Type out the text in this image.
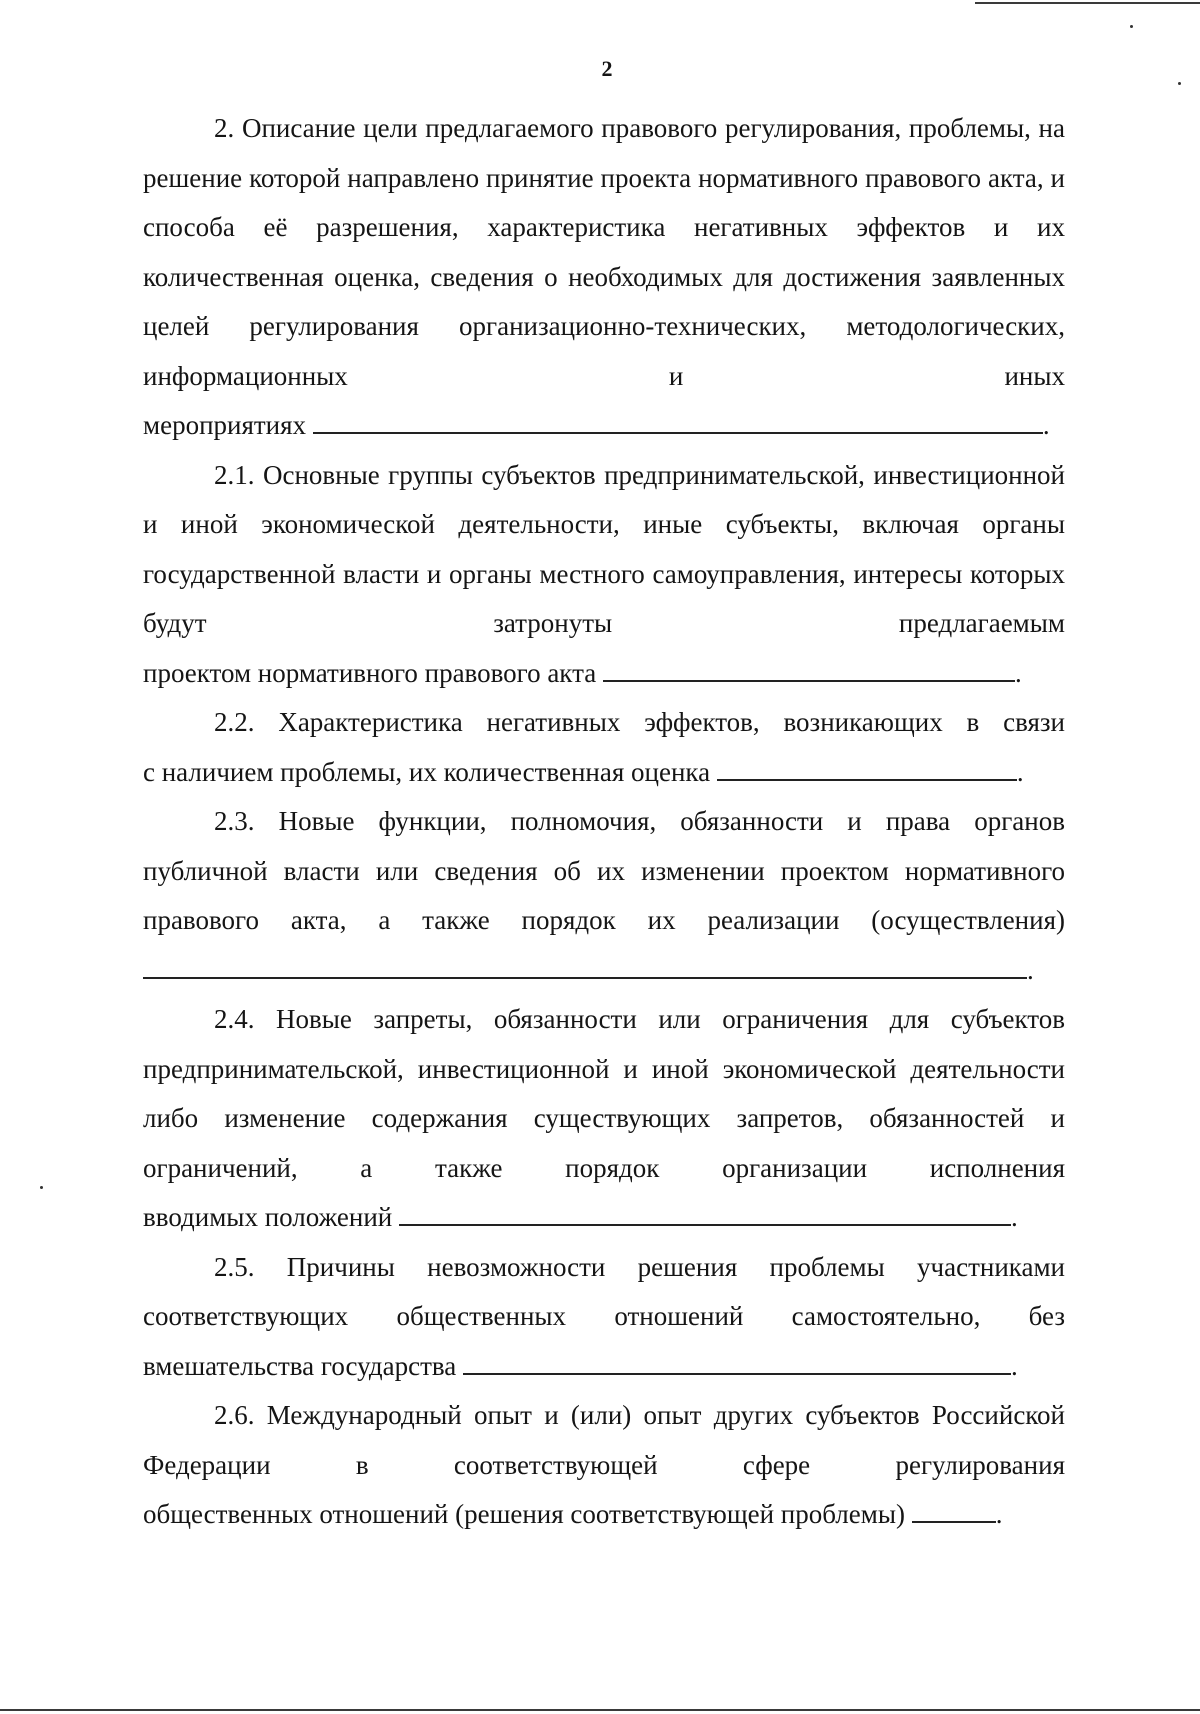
2

2. Описание цели предлагаемого правового регулирования, проблемы, на решение которой направлено принятие проекта нормативного правового акта, и способа её разрешения, характеристика негативных эффектов и их количественная оценка, сведения о необходимых для достижения заявленных целей регулирования организационно-технических, методологических, информационных и иных

мероприятиях	.

2.1. Основные группы субъектов предпринимательской, инвестиционной и иной экономической деятельности, иные субъекты, включая органы государственной власти и органы местного самоуправления, интересы которых будут затронуты предлагаемым

проектом нормативного правового акта	.

2.2. Характеристика негативных эффектов, возникающих в связи

с наличием проблемы, их количественная оценка	.

2.3. Новые функции, полномочия, обязанности и права органов публичной власти или сведения об их изменении проектом нормативного правового акта, а также порядок их реализации (осуществления)

.

2.4. Новые запреты, обязанности или ограничения для субъектов предпринимательской, инвестиционной и иной экономической деятельности либо изменение содержания существующих запретов, обязанностей и ограничений, а также порядок организации исполнения

вводимых положений	.

2.5. Причины невозможности решения проблемы участниками соответствующих общественных отношений самостоятельно, без

вмешательства государства	.

2.6. Международный опыт и (или) опыт других субъектов Российской Федерации в соответствующей сфере регулирования

общественных отношений (решения соответствующей проблемы)	.
